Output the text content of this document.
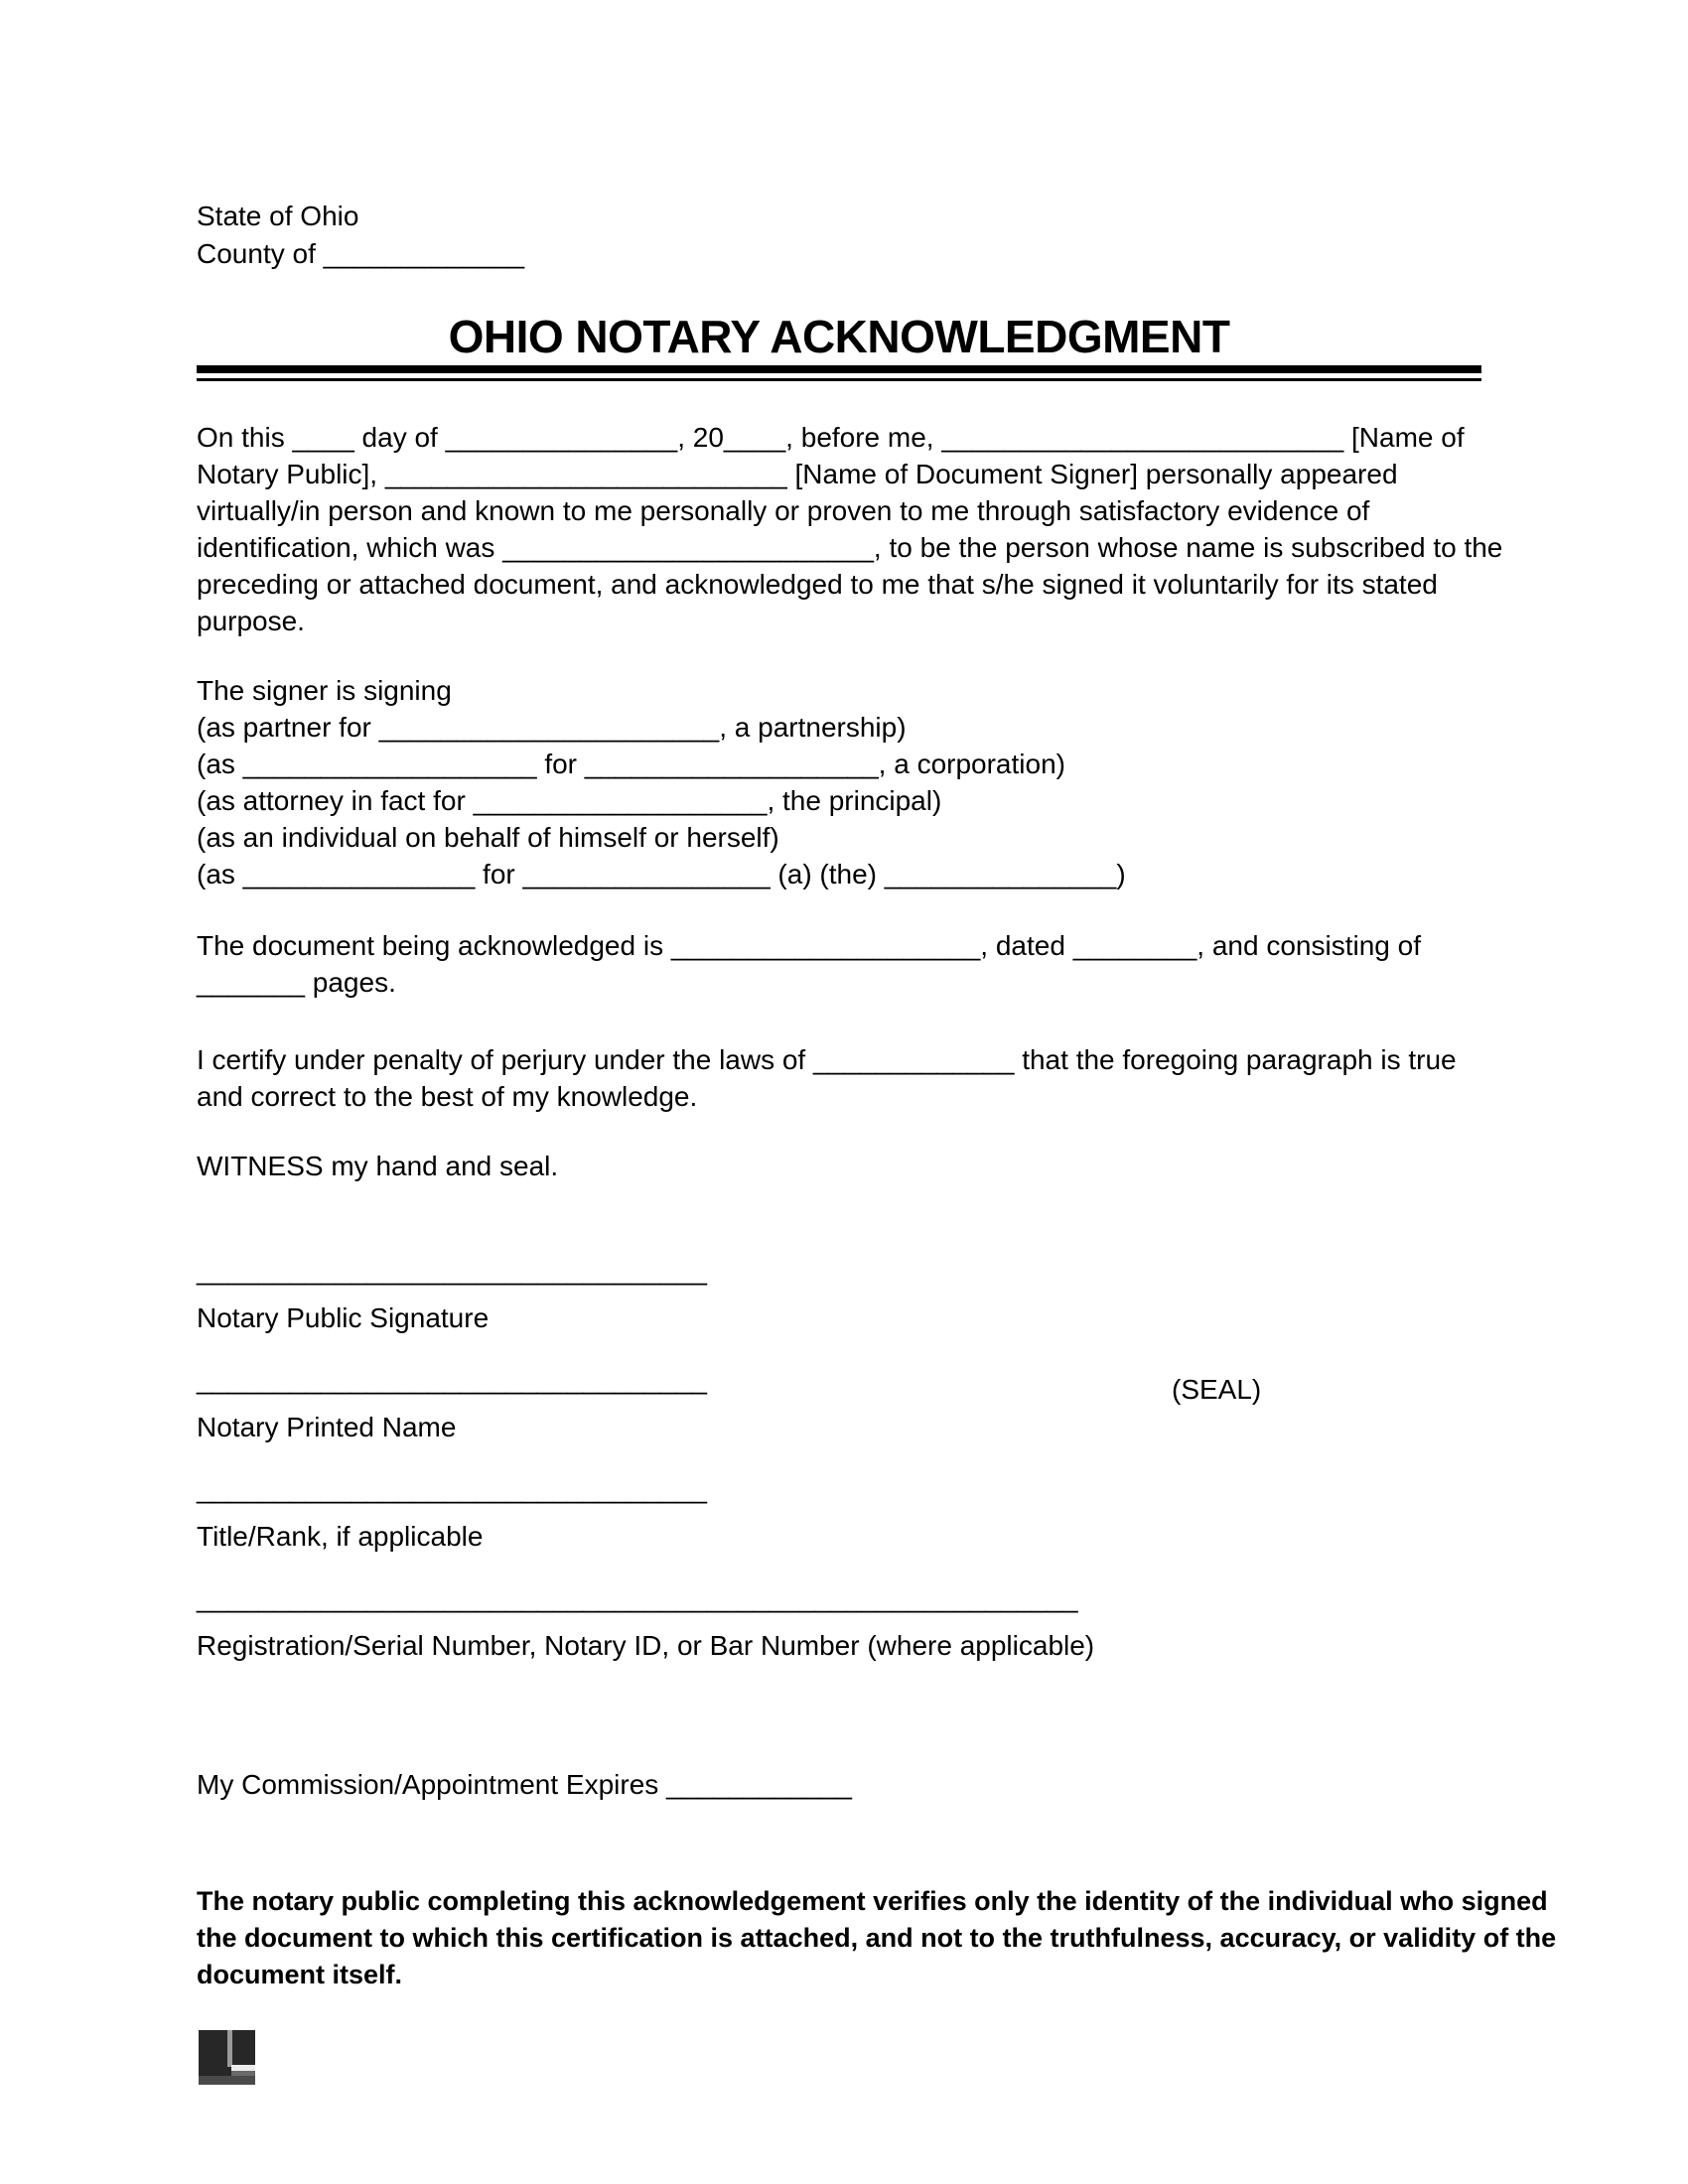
State of Ohio
County of _____________
OHIO NOTARY ACKNOWLEDGMENT
On this ____ day of _______________, 20____, before me, __________________________ [Name of
Notary Public], __________________________ [Name of Document Signer] personally appeared
virtually/in person and known to me personally or proven to me through satisfactory evidence of
identification, which was ________________________, to be the person whose name is subscribed to the
preceding or attached document, and acknowledged to me that s/he signed it voluntarily for its stated
purpose.
The signer is signing
(as partner for ______________________, a partnership)
(as ___________________ for ___________________, a corporation)
(as attorney in fact for ___________________, the principal)
(as an individual on behalf of himself or herself)
(as _______________ for ________________ (a) (the) _______________)
The document being acknowledged is ____________________, dated ________, and consisting of
_______ pages.
I certify under penalty of perjury under the laws of _____________ that the foregoing paragraph is true
and correct to the best of my knowledge.
WITNESS my hand and seal.
_________________________________
Notary Public Signature
_________________________________
Notary Printed Name
(SEAL)
_________________________________
Title/Rank, if applicable
_________________________________________________________
Registration/Serial Number, Notary ID, or Bar Number (where applicable)
My Commission/Appointment Expires ____________
The notary public completing this acknowledgement verifies only the identity of the individual who signed
the document to which this certification is attached, and not to the truthfulness, accuracy, or validity of the
document itself.
